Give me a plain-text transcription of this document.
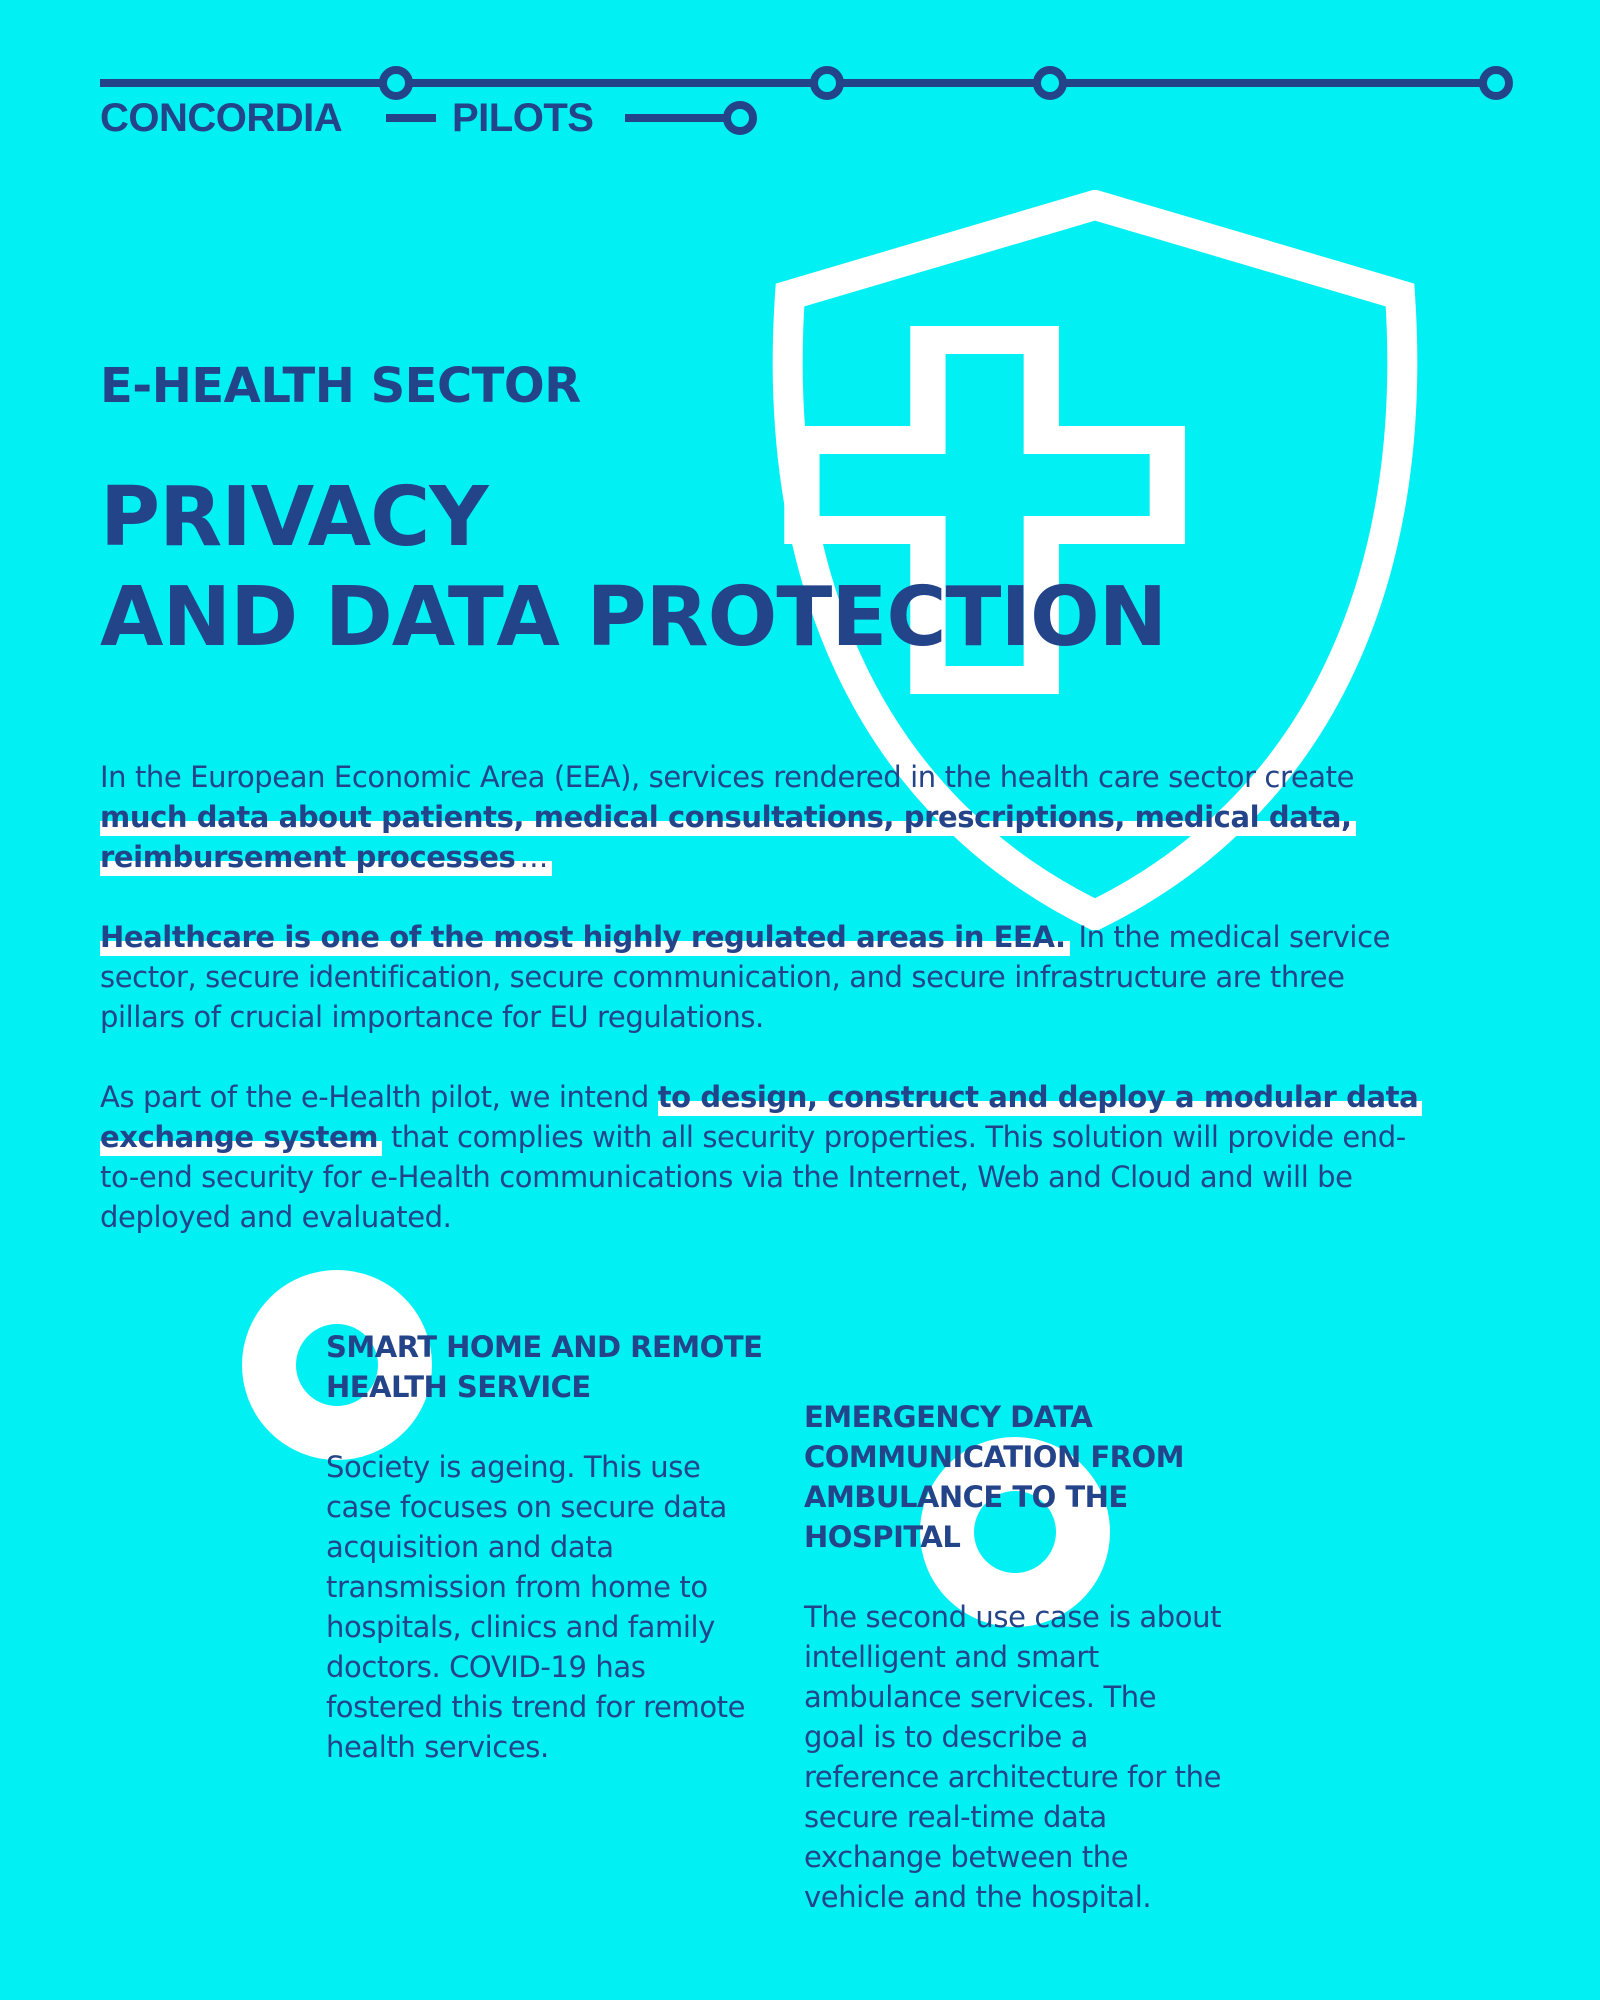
CONCORDIA	PILOTS
E-HEALTH SECTOR
PRIVACY
AND DATA PROTECTION

In the European Economic Area (EEA), services rendered in the health care sector create much data about patients, medical consultations, prescriptions, medical data, reimbursement processes …

Healthcare is one of the most highly regulated areas in EEA. In the medical service sector, secure identification, secure communication, and secure infrastructure are three pillars of crucial importance for EU regulations.

As part of the e-Health pilot, we intend to design, construct and deploy a modular data exchange system that complies with all security properties. This solution will provide end-to-end security for e-Health communications via the Internet, Web and Cloud and will be deployed and evaluated.

SMART HOME AND REMOTE HEALTH SERVICE

Society is ageing. This use case focuses on secure data acquisition and data transmission from home to hospitals, clinics and family doctors. COVID-19 has fostered this trend for remote health services.

EMERGENCY DATA COMMUNICATION FROM AMBULANCE TO THE HOSPITAL

The second use case is about intelligent and smart ambulance services. The goal is to describe a reference architecture for the secure real-time data exchange between the vehicle and the hospital.
